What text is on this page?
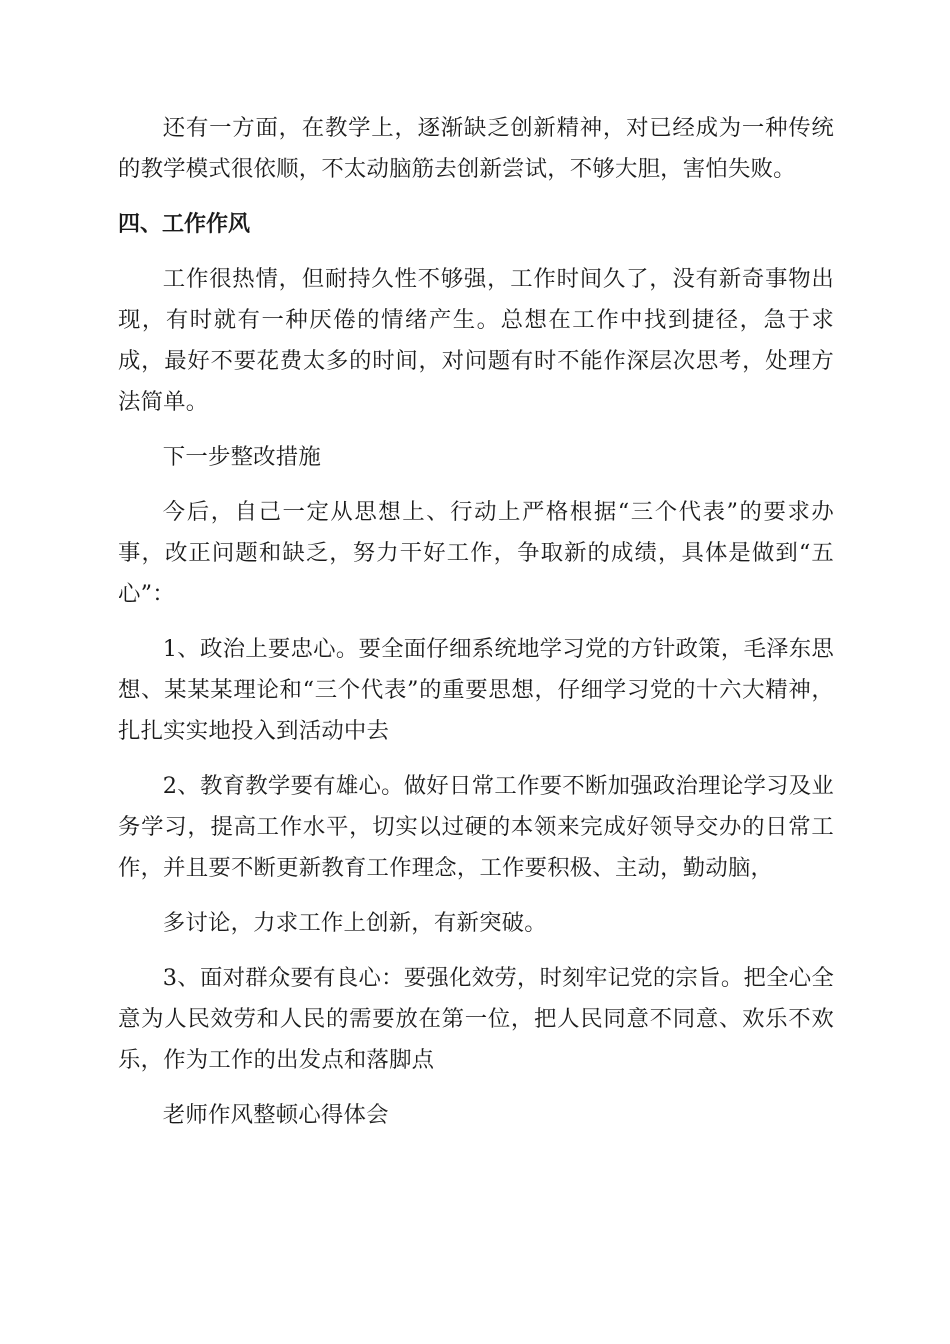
还有一方面，在教学上，逐渐缺乏创新精神，对已经成为一种传统的教学模式很依顺，不太动脑筋去创新尝试，不够大胆，害怕失败。

四、工作作风

工作很热情，但耐持久性不够强，工作时间久了，没有新奇事物出现，有时就有一种厌倦的情绪产生。总想在工作中找到捷径，急于求成，最好不要花费太多的时间，对问题有时不能作深层次思考，处理方法简单。

下一步整改措施

今后，自己一定从思想上、行动上严格根据“三个代表”的要求办事，改正问题和缺乏，努力干好工作，争取新的成绩，具体是做到“五心”：

1、政治上要忠心。要全面仔细系统地学习党的方针政策，毛泽东思想、某某某理论和“三个代表”的重要思想，仔细学习党的十六大精神，扎扎实实地投入到活动中去

2、教育教学要有雄心。做好日常工作要不断加强政治理论学习及业务学习，提高工作水平，切实以过硬的本领来完成好领导交办的日常工作，并且要不断更新教育工作理念，工作要积极、主动，勤动脑，

多讨论，力求工作上创新，有新突破。

3、面对群众要有良心：要强化效劳，时刻牢记党的宗旨。把全心全意为人民效劳和人民的需要放在第一位，把人民同意不同意、欢乐不欢乐，作为工作的出发点和落脚点

老师作风整顿心得体会
